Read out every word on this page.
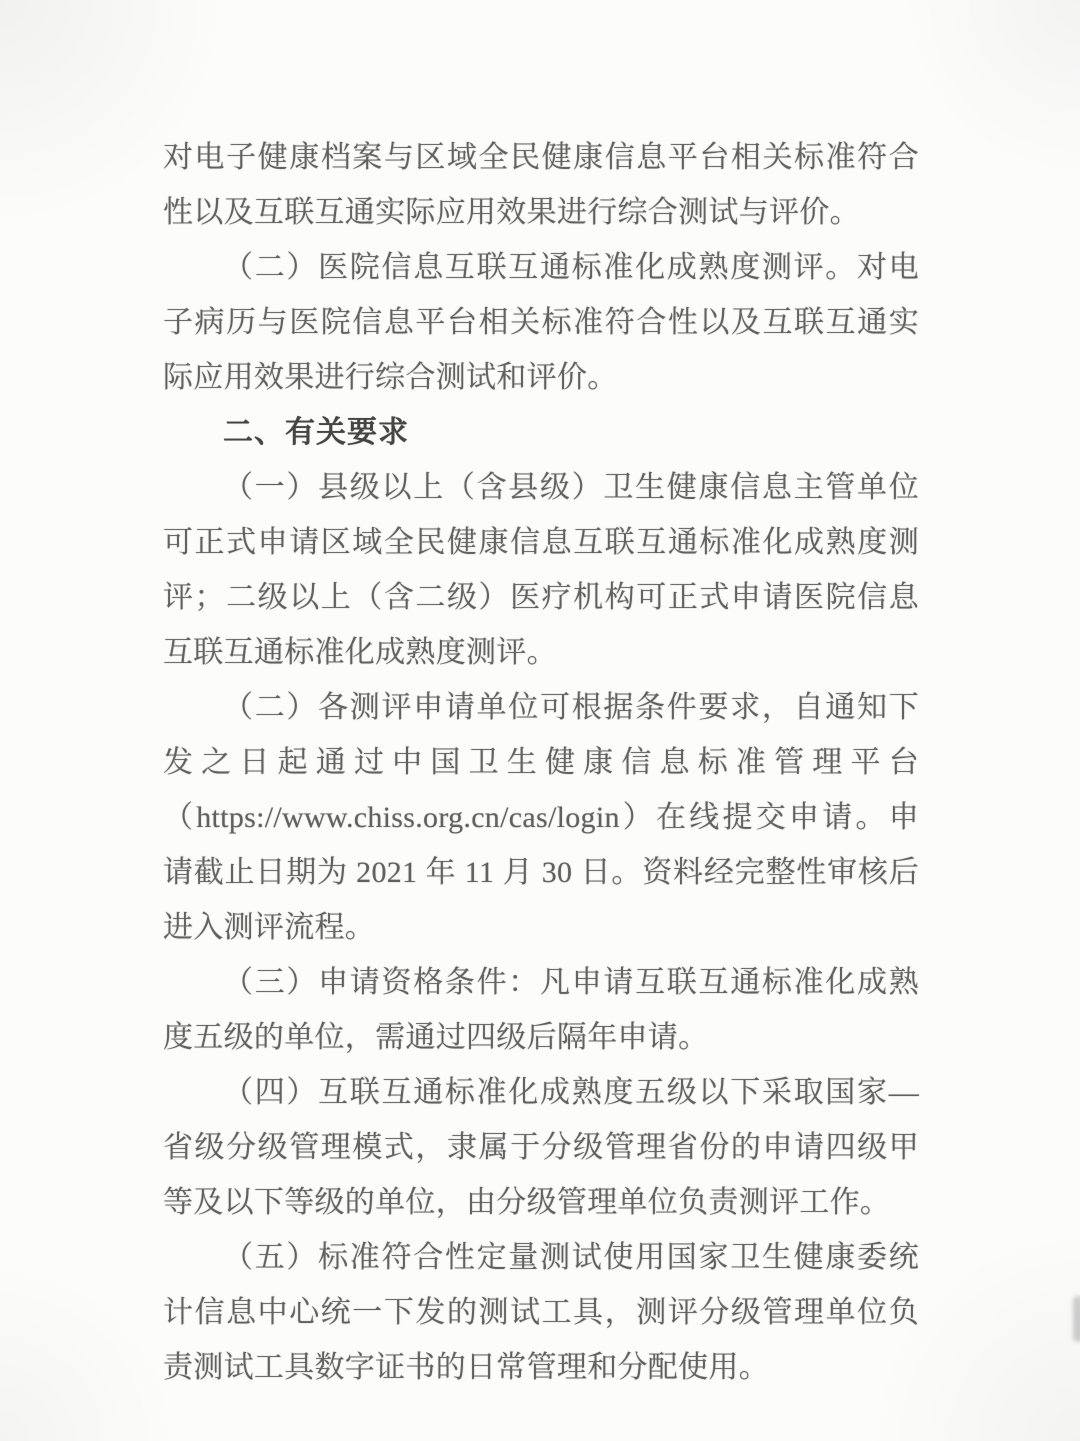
对电子健康档案与区域全民健康信息平台相关标准符合性以及互联互通实际应用效果进行综合测试与评价。

（二）医院信息互联互通标准化成熟度测评。对电子病历与医院信息平台相关标准符合性以及互联互通实际应用效果进行综合测试和评价。

二、有关要求

（一）县级以上（含县级）卫生健康信息主管单位可正式申请区域全民健康信息互联互通标准化成熟度测评；二级以上（含二级）医疗机构可正式申请医院信息互联互通标准化成熟度测评。

（二）各测评申请单位可根据条件要求，自通知下发之日起通过中国卫生健康信息标准管理平台（https://www.chiss.org.cn/cas/login）在线提交申请。申请截止日期为 2021 年 11 月 30 日。资料经完整性审核后进入测评流程。

（三）申请资格条件：凡申请互联互通标准化成熟度五级的单位，需通过四级后隔年申请。

（四）互联互通标准化成熟度五级以下采取国家—省级分级管理模式，隶属于分级管理省份的申请四级甲等及以下等级的单位，由分级管理单位负责测评工作。

（五）标准符合性定量测试使用国家卫生健康委统计信息中心统一下发的测试工具，测评分级管理单位负责测试工具数字证书的日常管理和分配使用。
